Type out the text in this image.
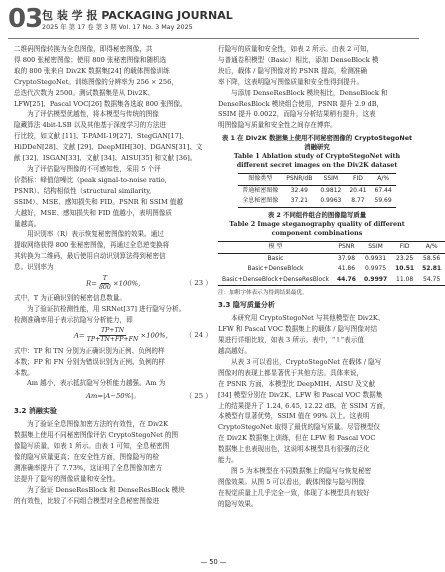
03 包 装 学 报 PACKAGING JOURNAL
2025 年 第 17 卷 第 3 期 Vol. 17 No. 3 May 2025
二维码图像转换为全息图像，即得秘密图像，共
得 800 张秘密图像；使用 800 张秘密图像和随机选
取的 800 张来自 Div2K 数据集[24] 的载体图像训练
CryptoStegoNet。训练图像的分辨率为 256 × 256，
总迭代次数为 2500。测试数据集是从 Div2K、
LFW[25]、Pascal VOC[26] 数据集各选取 800 张图像。
为了评估模型优越性，将本模型与传统的图像
隐藏算法 4bit-LSB 以及其他基于深度学习的方法进
行比较，如文献 [11]、T-PAMI-19[27]、StegGAN[17]、
HiDDeN[28]、文献 [29]、DeepMIH[30]、DGANS[31]、文
献 [32]、ISGAN[33]、文献 [34]、AISU[35] 和文献 [36]。
为了评估隐写图像的不可感知性，采用 5 个评
价指标：峰值信噪比（peak signal-to-noise ratio,
PSNR）、结构相似性（structural similarity,
SSIM）、MSE、感知损失和 FID。PSNR 和 SSIM 值越
大越好，MSE、感知损失和 FID 值越小，表明图像质
量越高。
用识别率（R）表示恢复秘密图像的效果。通过
提取网络获得 800 张秘密图像，再通过全息逆变换将
其转换为二维码，最后使用自动识别算法得到秘密信
息。识别率为
$R= \frac{T}{800} \times 100\%$，	（ 23 ）
式中，T 为正确识别的秘密信息数量。
为了验证抗检测性能，用 SRNet[37] 进行隐写分析。
检测准确率用于表示抗隐写分析能力，即
$A= \frac{TP+TN}{TP+TN+FP+FN} \times 100\%$， （ 24 ）
式中：TP 和 TN 分别为正确识别为正例、负例的样
本数；FP 和 FN 分别为错误识别为正例、负例的样
本数。
Am 越小，表示抵抗隐写分析能力越强。Am 为
Am=|A−50%|。	（ 25 ）
3.2 消融实验
为了验证全息图像加密方法的有效性，在 Div2K
数据集上使用不同秘密图像评估 CryptoStegoNet 的图
像隐写质量，如表 1 所示。由表 1 可知，全息秘密图
像的隐写质量更高；在安全性方面，图像隐写的检
测准确率提升了 7.73%，这证明了全息图像加密方
法提升了隐写的图像质量和安全性。
为了验证 DenseResBlock 和 DenseResBlock 模块
的有效性，比较了不同组合模型对全息秘密图像进
行隐写的质量和安全性，如表 2 所示。由表 2 可知，
与普通卷积模型（Basic）相比，添加 DenseBlock 模
块后，载体 / 隐写图像对的 PSNR 提高，检测准确
率下降，这表明隐写图像质量和安全性得到提升。
与添加 DenseResBlock 模块相比，DenseBlock 和
DenseResBlock 模块组合使用，PSNR 提升 2.9 dB，
SSIM 提升 0.0022，而隐写分析结果稍有提升，这表
明图像隐写质量和安全性之间存在博弈。
表 1 在 Div2K 数据集上使用不同秘密图像的 CryptoStegoNet 消融研究
Table 1 Ablation study of CryptoStegoNet with different secret images on the Div2K dataset
图像类型	PSNR/dB	SSIM	FID	A/%
普通秘密图像	32.49	0.9812	20.41	67.44
全息秘密图像	37.21	0.9963	8.77	59.69
表 2 不同组件组合的图像隐写质量
Table 2 Image steganography quality of different component combinations
模 型	PSNR	SSIM	FID	A/%
Basic	37.98	0.9931	23.25	58.56
Basic+DenseBlock	41.86	0.9975	10.51	52.81
Basic+DenseBlock+DenseResBlock	44.76	0.9997	11.08	54.75
注：加粗字体表示为得到结果最优。
3.3 隐写质量分析
本研究用 CryptoStegoNet 与其他模型在 Div2K、
LFW 和 Pascal VOC 数据集上的载体 / 隐写图像对结
果进行详细比较，如表 3 所示。表中，“↑”表示值
越高越好。
从表 3 可以看出，CryptoStegoNet 在载体 / 隐写
图像对的表现上都显著优于其他方法。具体来说，
在 PSNR 方面，本模型比 DeepMIH、AISU 及文献
[34] 模型分别在 Div2K、LFW 和 Pascal VOC 数据集
上的结果提升了 1.24, 6.45, 12.22 dB。在 SSIM 方面，
本模型有显著优势，SSIM 值在 99% 以上。这表明
CryptoStegoNet 取得了最优的隐写质量。尽管模型仅
在 Div2K 数据集上训练，但在 LFW 和 Pascal VOC
数据集上也表现出色，这说明本模型具有很强的泛化
能力。
图 5 为本模型在不同数据集上的隐写与恢复秘密
图像效果。从图 5 可以看出，载体图像与隐写图像
在视觉质量上几乎完全一致，体现了本模型具有较好
的隐写效果。
— 50 —
